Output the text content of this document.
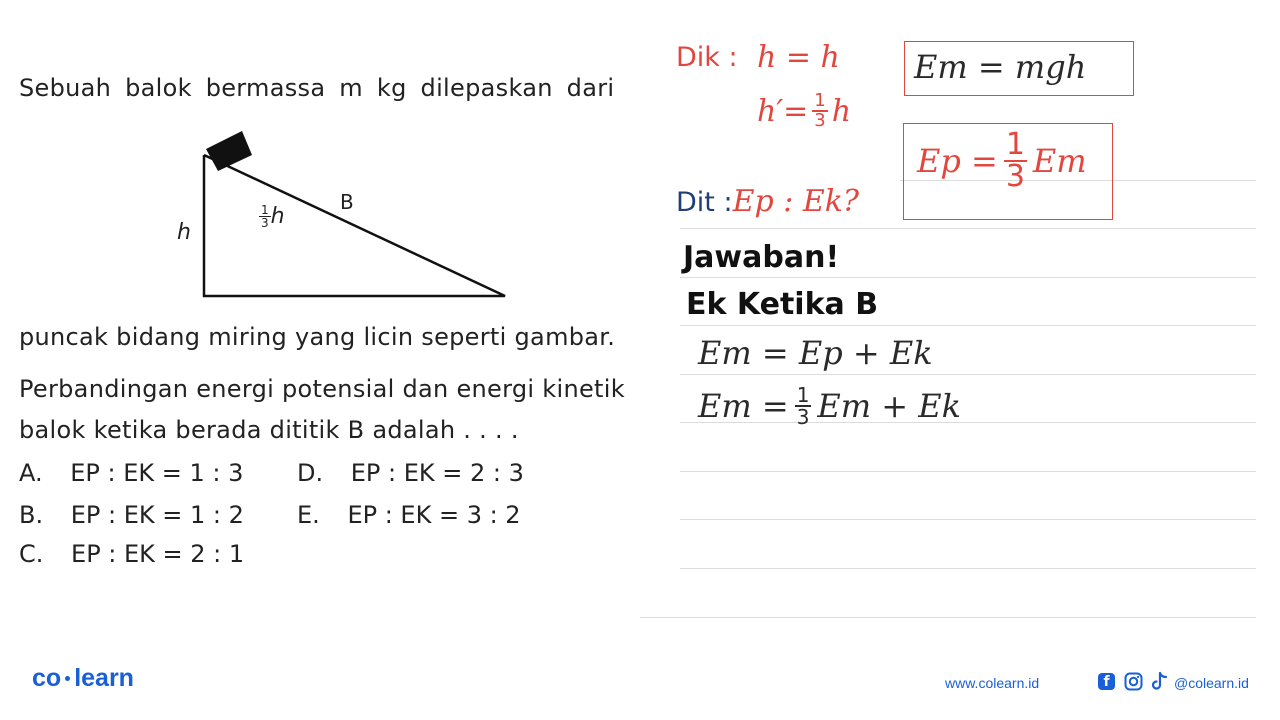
Sebuah balok bermassa m kg dilepaskan dari
h
B
$\frac{1}{3}$ h
puncak bidang miring yang licin seperti gambar.
Perbandingan energi potensial dan energi kinetik
balok ketika berada dititik B adalah . . . .
A. EP : EK = 1 : 3
B. EP : EK = 1 : 2
C. EP : EK = 2 : 1
D. EP : EK = 2 : 3
E. EP : EK = 3 : 2
Dik : h = h
$h'= \frac{1}{3}$ h
Em = mgh
$Ep = \frac{1}{3}$ Em
Dit : Ep : Ek?
Jawaban!
Ek Ketika B
Em = Ep + Ek
$Em = \frac{1}{3}$ Em + Ek
co learn	www.colearn.id	f	@colearn.id
